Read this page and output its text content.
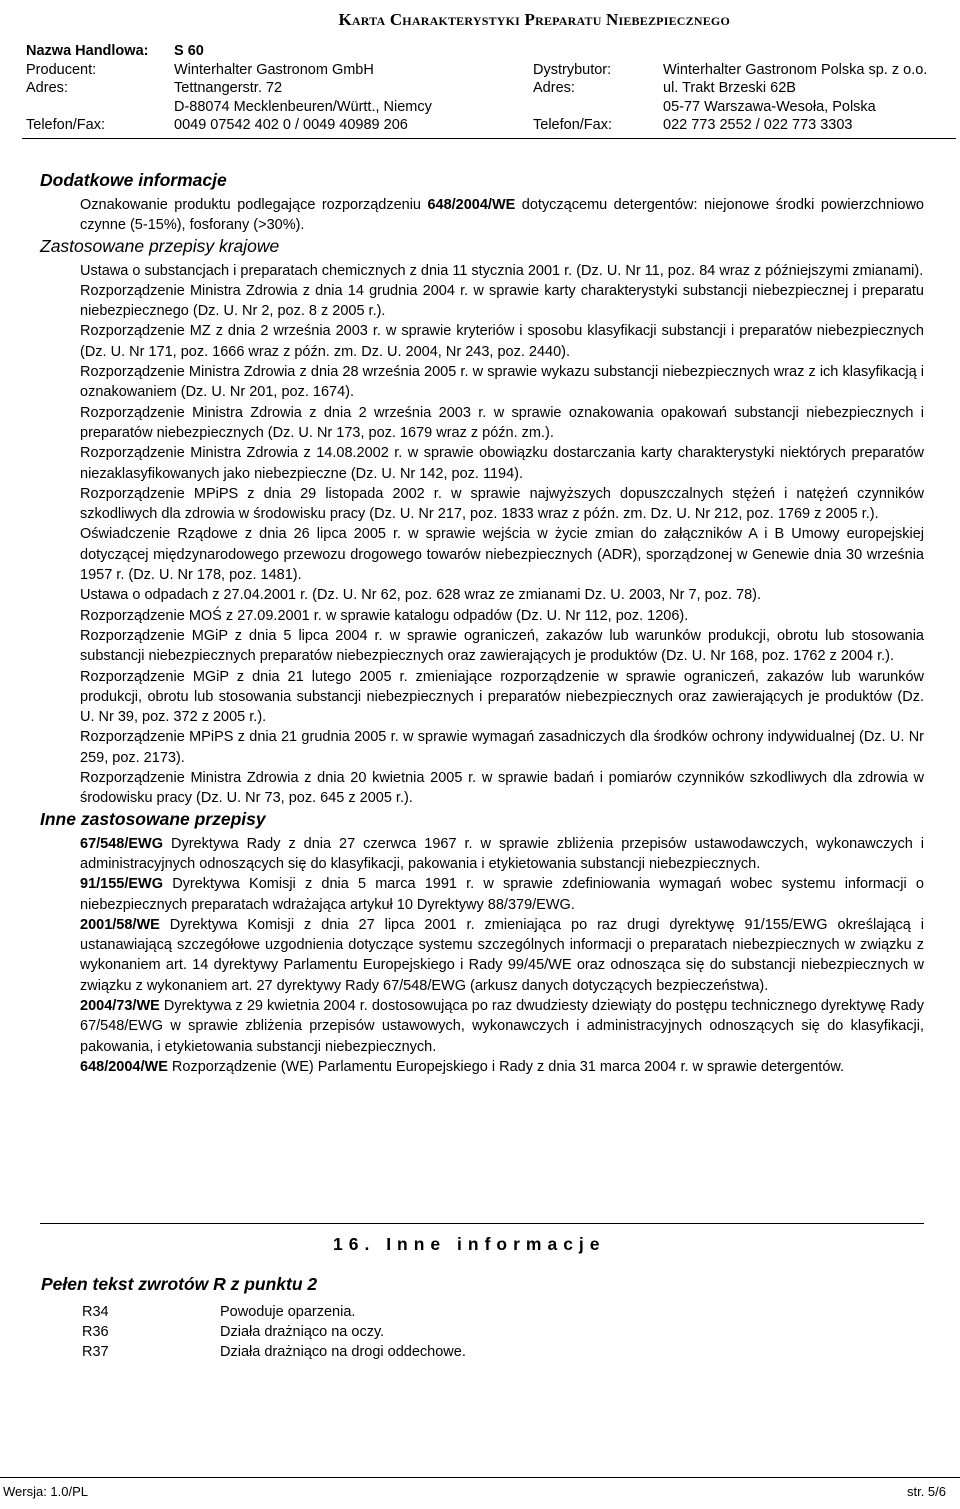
Karta Charakterystyki Preparatu Niebezpiecznego
Nazwa Handlowa: S 60
Producent:	Winterhalter Gastronom GmbH	Dystrybutor:	Winterhalter Gastronom Polska sp. z o.o.
Adres:	Tettnangerstr. 72	Adres:	ul. Trakt Brzeski 62B
D-88074 Mecklenbeuren/Württ., Niemcy	05-77 Warszawa-Wesoła, Polska
Telefon/Fax:	0049 07542 402 0 / 0049 40989 206	Telefon/Fax:	022 773 2552 / 022 773 3303
Dodatkowe informacje

Oznakowanie produktu podlegające rozporządzeniu 648/2004/WE dotyczącemu detergentów: niejonowe środki powierzchniowo czynne (5-15%), fosforany (>30%).

Zastosowane przepisy krajowe

Ustawa o substancjach i preparatach chemicznych z dnia 11 stycznia 2001 r. (Dz. U. Nr 11, poz. 84 wraz z późniejszymi zmianami).

Rozporządzenie Ministra Zdrowia z dnia 14 grudnia 2004 r. w sprawie karty charakterystyki substancji niebezpiecznej i preparatu niebezpiecznego (Dz. U. Nr 2, poz. 8 z 2005 r.).

Rozporządzenie MZ z dnia 2 września 2003 r. w sprawie kryteriów i sposobu klasyfikacji substancji i preparatów niebezpiecznych (Dz. U. Nr 171, poz. 1666 wraz z późn. zm. Dz. U. 2004, Nr 243, poz. 2440).

Rozporządzenie Ministra Zdrowia z dnia 28 września 2005 r. w sprawie wykazu substancji niebezpiecznych wraz z ich klasyfikacją i oznakowaniem (Dz. U. Nr 201, poz. 1674).

Rozporządzenie Ministra Zdrowia z dnia 2 września 2003 r. w sprawie oznakowania opakowań substancji niebezpiecznych i preparatów niebezpiecznych (Dz. U. Nr 173, poz. 1679 wraz z późn. zm.).

Rozporządzenie Ministra Zdrowia z 14.08.2002 r. w sprawie obowiązku dostarczania karty charakterystyki niektórych preparatów niezaklasyfikowanych jako niebezpieczne (Dz. U. Nr 142, poz. 1194).

Rozporządzenie MPiPS z dnia 29 listopada 2002 r. w sprawie najwyższych dopuszczalnych stężeń i natężeń czynników szkodliwych dla zdrowia w środowisku pracy (Dz. U. Nr 217, poz. 1833 wraz z późn. zm. Dz. U. Nr 212, poz. 1769 z 2005 r.).

Oświadczenie Rządowe z dnia 26 lipca 2005 r. w sprawie wejścia w życie zmian do załączników A i B Umowy europejskiej dotyczącej międzynarodowego przewozu drogowego towarów niebezpiecznych (ADR), sporządzonej w Genewie dnia 30 września 1957 r. (Dz. U. Nr 178, poz. 1481).

Ustawa o odpadach z 27.04.2001 r. (Dz. U. Nr 62, poz. 628 wraz ze zmianami Dz. U. 2003, Nr 7, poz. 78).

Rozporządzenie MOŚ z 27.09.2001 r. w sprawie katalogu odpadów (Dz. U. Nr 112, poz. 1206).

Rozporządzenie MGiP z dnia 5 lipca 2004 r. w sprawie ograniczeń, zakazów lub warunków produkcji, obrotu lub stosowania substancji niebezpiecznych preparatów niebezpiecznych oraz zawierających je produktów (Dz. U. Nr 168, poz. 1762 z 2004 r.).

Rozporządzenie MGiP z dnia 21 lutego 2005 r. zmieniające rozporządzenie w sprawie ograniczeń, zakazów lub warunków produkcji, obrotu lub stosowania substancji niebezpiecznych i preparatów niebezpiecznych oraz zawierających je produktów (Dz. U. Nr 39, poz. 372 z 2005 r.).

Rozporządzenie MPiPS z dnia 21 grudnia 2005 r. w sprawie wymagań zasadniczych dla środków ochrony indywidualnej (Dz. U. Nr 259, poz. 2173).

Rozporządzenie Ministra Zdrowia z dnia 20 kwietnia 2005 r. w sprawie badań i pomiarów czynników szkodliwych dla zdrowia w środowisku pracy (Dz. U. Nr 73, poz. 645 z 2005 r.).

Inne zastosowane przepisy

67/548/EWG Dyrektywa Rady z dnia 27 czerwca 1967 r. w sprawie zbliżenia przepisów ustawodawczych, wykonawczych i administracyjnych odnoszących się do klasyfikacji, pakowania i etykietowania substancji niebezpiecznych.

91/155/EWG Dyrektywa Komisji z dnia 5 marca 1991 r. w sprawie zdefiniowania wymagań wobec systemu informacji o niebezpiecznych preparatach wdrażająca artykuł 10 Dyrektywy 88/379/EWG.

2001/58/WE Dyrektywa Komisji z dnia 27 lipca 2001 r. zmieniająca po raz drugi dyrektywę 91/155/EWG określającą i ustanawiającą szczegółowe uzgodnienia dotyczące systemu szczególnych informacji o preparatach niebezpiecznych w związku z wykonaniem art. 14 dyrektywy Parlamentu Europejskiego i Rady 99/45/WE oraz odnosząca się do substancji niebezpiecznych w związku z wykonaniem art. 27 dyrektywy Rady 67/548/EWG (arkusz danych dotyczących bezpieczeństwa).

2004/73/WE Dyrektywa z 29 kwietnia 2004 r. dostosowująca po raz dwudziesty dziewiąty do postępu technicznego dyrektywę Rady 67/548/EWG w sprawie zbliżenia przepisów ustawowych, wykonawczych i administracyjnych odnoszących się do klasyfikacji, pakowania, i etykietowania substancji niebezpiecznych.

648/2004/WE Rozporządzenie (WE) Parlamentu Europejskiego i Rady z dnia 31 marca 2004 r. w sprawie detergentów.

16. Inne informacje
Pełen tekst zwrotów R z punktu 2
R34	Powoduje oparzenia.
R36	Działa drażniąco na oczy.
R37	Działa drażniąco na drogi oddechowe.
Wersja: 1.0/PL	str. 5/6
